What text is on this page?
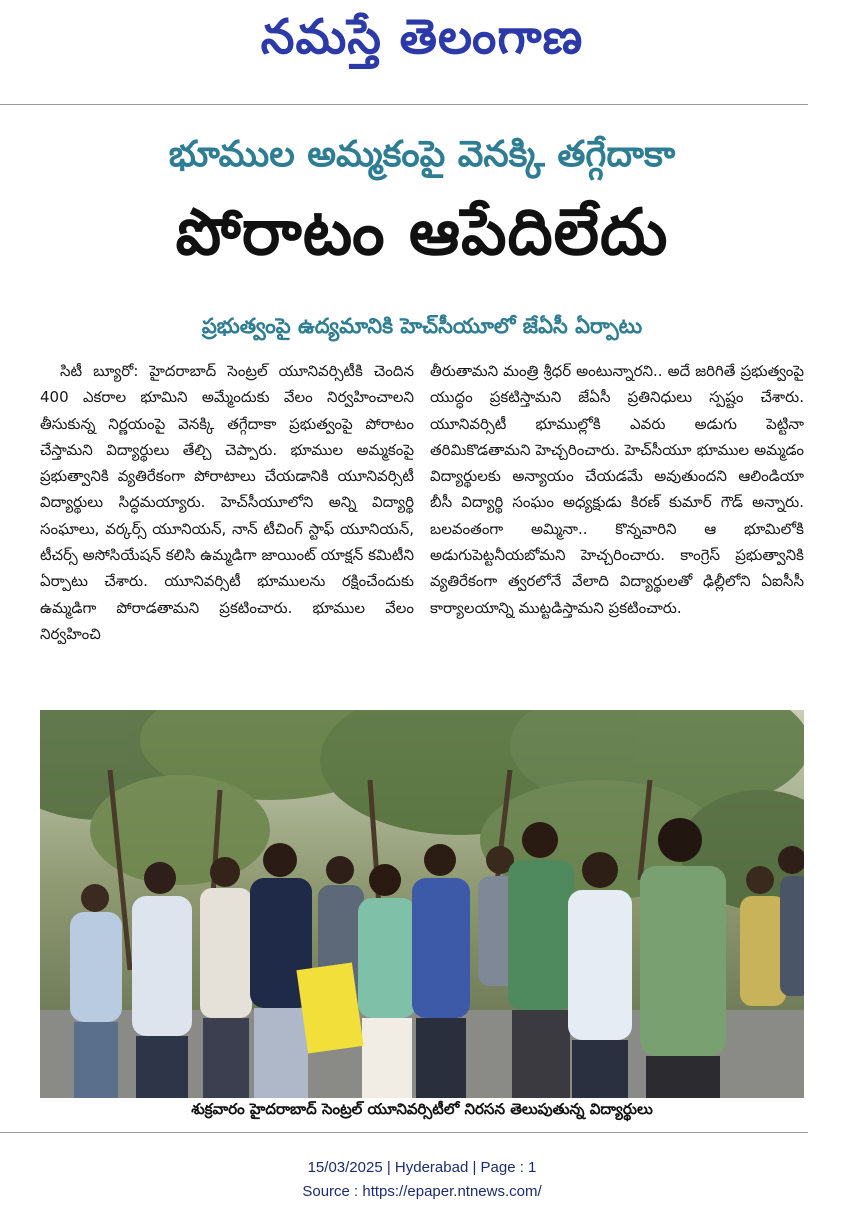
నమస్తే తెలంగాణ
భూముల అమ్మకంపై వెనక్కి తగ్గేదాకా
పోరాటం ఆపేదిలేదు
ప్రభుత్వంపై ఉద్యమానికి హెచ్‌సీయూలో జేఏసీ ఏర్పాటు

సిటీ బ్యూరో: హైదరాబాద్ సెంట్రల్ యూనివర్సిటీకి చెందిన 400 ఎకరాల భూమిని అమ్మేందుకు వేలం నిర్వహించాలని తీసుకున్న నిర్ణయంపై వెనక్కి తగ్గేదాకా ప్రభుత్వంపై పోరాటం చేస్తామని విద్యార్థులు తేల్చి చెప్పారు. భూముల అమ్మకంపై ప్రభుత్వానికి వ్యతిరేకంగా పోరాటాలు చేయడానికి యూనివర్సిటీ విద్యార్థులు సిద్ధమయ్యారు. హెచ్‌సీయూలోని అన్ని విద్యార్థి సంఘాలు, వర్కర్స్ యూనియన్, నాన్ టీచింగ్ స్టాఫ్ యూనియన్, టీచర్స్ అసోసియేషన్ కలిసి ఉమ్మడిగా జాయింట్ యాక్షన్ కమిటీని ఏర్పాటు చేశారు. యూనివర్సిటీ భూములను రక్షించేందుకు ఉమ్మడిగా పోరాడతామని ప్రకటించారు. భూముల వేలం నిర్వహించి

తీరుతామని మంత్రి శ్రీధర్ అంటున్నారని.. అదే జరిగితే ప్రభుత్వంపై యుద్ధం ప్రకటిస్తామని జేఏసీ ప్రతినిధులు స్పష్టం చేశారు. యూనివర్సిటీ భూముల్లోకి ఎవరు అడుగు పెట్టినా తరిమికొడతామని హెచ్చరించారు. హెచ్‌సీయూ భూముల అమ్మడం విద్యార్థులకు అన్యాయం చేయడమే అవుతుందని ఆలిండియా బీసీ విద్యార్థి సంఘం అధ్యక్షుడు కిరణ్ కుమార్ గౌడ్ అన్నారు. బలవంతంగా అమ్మినా.. కొన్నవారిని ఆ భూమిలోకి అడుగుపెట్టనీయబోమని హెచ్చరించారు. కాంగ్రెస్ ప్రభుత్వానికి వ్యతిరేకంగా త్వరలోనే వేలాది విద్యార్థులతో ఢిల్లీలోని ఏఐసీసీ కార్యాలయాన్ని ముట్టడిస్తామని ప్రకటించారు.

శుక్రవారం హైదరాబాద్ సెంట్రల్ యూనివర్సిటీలో నిరసన తెలుపుతున్న విద్యార్థులు
15/03/2025 | Hyderabad | Page : 1
Source : https://epaper.ntnews.com/
